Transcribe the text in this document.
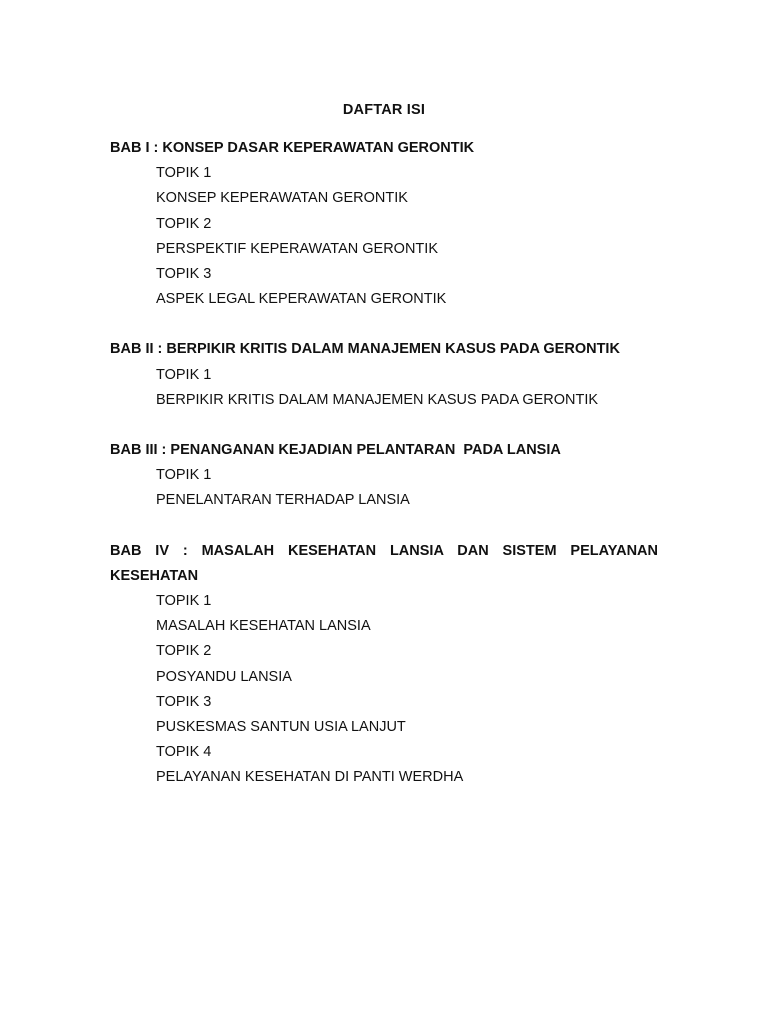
DAFTAR ISI
BAB I : KONSEP DASAR KEPERAWATAN GERONTIK
TOPIK 1
KONSEP KEPERAWATAN GERONTIK
TOPIK 2
PERSPEKTIF KEPERAWATAN GERONTIK
TOPIK 3
ASPEK LEGAL KEPERAWATAN GERONTIK
BAB II : BERPIKIR KRITIS DALAM MANAJEMEN KASUS PADA GERONTIK
TOPIK 1
BERPIKIR KRITIS DALAM MANAJEMEN KASUS PADA GERONTIK
BAB III : PENANGANAN KEJADIAN PELANTARAN  PADA LANSIA
TOPIK 1
PENELANTARAN TERHADAP LANSIA
BAB IV : MASALAH KESEHATAN LANSIA DAN SISTEM PELAYANAN KESEHATAN
TOPIK 1
MASALAH KESEHATAN LANSIA
TOPIK 2
POSYANDU LANSIA
TOPIK 3
PUSKESMAS SANTUN USIA LANJUT
TOPIK 4
PELAYANAN KESEHATAN DI PANTI WERDHA
